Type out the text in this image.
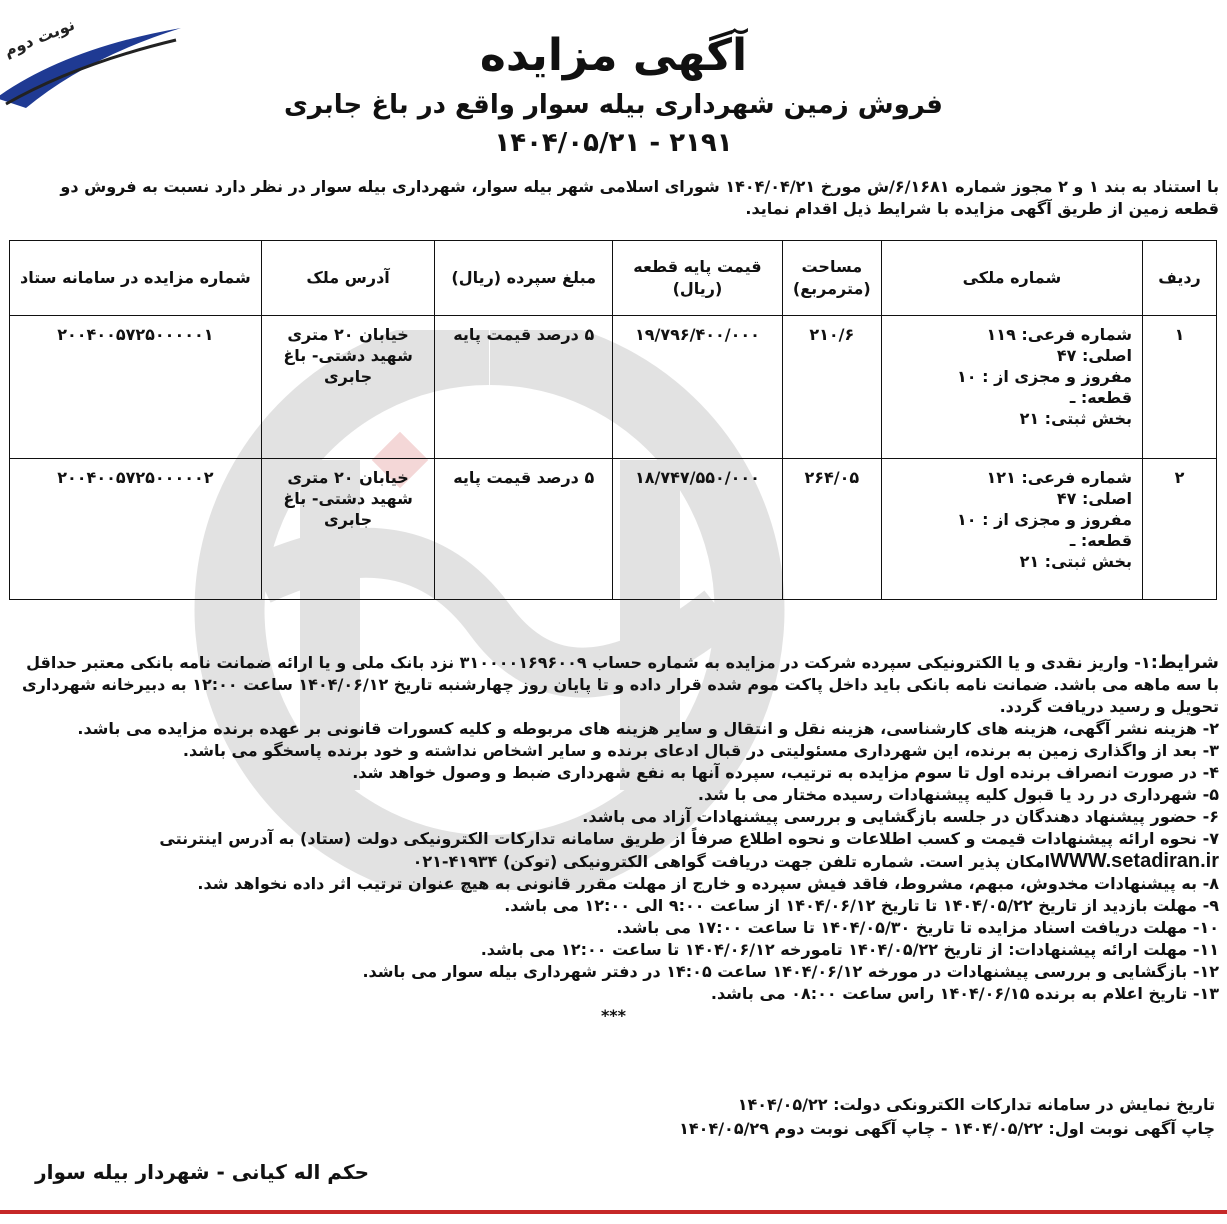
نوبت دوم	آگهی مزایده
فروش زمین شهرداری بیله سوار واقع در باغ جابری
۲۱۹۱ - ۱۴۰۴/۰۵/۲۱
با استناد به بند ۱ و ۲ مجوز شماره ۶/۱۶۸۱/ش مورخ ۱۴۰۴/۰۴/۲۱ شورای اسلامی شهر بیله سوار، شهرداری بیله سوار در نظر دارد نسبت به فروش دو
قطعه زمین از طریق آگهی مزایده با شرایط ذیل اقدام نماید.
ردیف	شماره ملکی	مساحت (مترمربع)	قیمت پایه قطعه (ریال)	مبلغ سپرده (ریال)	آدرس ملک	شماره مزایده در سامانه ستاد
۱	شماره فرعی: ۱۱۹
اصلی: ۴۷
مفروز و مجزی از : ۱۰
قطعه: ـ
بخش ثبتی: ۲۱	۲۱۰/۶	۱۹/۷۹۶/۴۰۰/۰۰۰	۵ درصد قیمت پایه	خیابان ۲۰ متری شهید دشتی- باغ جابری	۲۰۰۴۰۰۵۷۲۵۰۰۰۰۰۱
۲	شماره فرعی: ۱۲۱
اصلی: ۴۷
مفروز و مجزی از : ۱۰
قطعه: ـ
بخش ثبتی: ۲۱	۲۶۴/۰۵	۱۸/۷۴۷/۵۵۰/۰۰۰	۵ درصد قیمت پایه	خیابان ۲۰ متری شهید دشتی- باغ جابری	۲۰۰۴۰۰۵۷۲۵۰۰۰۰۰۲

شرایط:۱- واریز نقدی و یا الکترونیکی سپرده شرکت در مزایده به شماره حساب ۳۱۰۰۰۰۱۶۹۶۰۰۹ نزد بانک ملی و یا ارائه ضمانت نامه بانکی معتبر حداقل

با سه ماهه می باشد. ضمانت نامه بانکی باید داخل پاکت موم شده قرار داده و تا پایان روز چهارشنبه تاریخ ۱۴۰۴/۰۶/۱۲ ساعت ۱۲:۰۰ به دبیرخانه شهرداری

تحویل و رسید دریافت گردد.

۲- هزینه نشر آگهی، هزینه های کارشناسی، هزینه نقل و انتقال و سایر هزینه های مربوطه و کلیه کسورات قانونی بر عهده برنده مزایده می باشد.

۳- بعد از واگذاری زمین به برنده، این شهرداری مسئولیتی در قبال ادعای برنده و سایر اشخاص نداشته و خود برنده پاسخگو می باشد.

۴- در صورت انصراف برنده اول تا سوم مزایده به ترتیب، سپرده آنها به نفع شهرداری ضبط و وصول خواهد شد.

۵- شهرداری در رد یا قبول کلیه پیشنهادات رسیده مختار می با شد.

۶- حضور پیشنهاد دهندگان در جلسه بازگشایی و بررسی پیشنهادات آزاد می باشد.

۷- نحوه ارائه پیشنهادات قیمت و کسب اطلاعات و نحوه اطلاع صرفاً از طریق سامانه تدارکات الکترونیکی دولت (ستاد) به آدرس اینترنتی

WWW.setadiran.irامکان پذیر است. شماره تلفن جهت دریافت گواهی الکترونیکی (توکن) ۴۱۹۳۴-۰۲۱

۸- به پیشنهادات مخدوش، مبهم، مشروط، فاقد فیش سپرده و خارج از مهلت مقرر قانونی به هیچ عنوان ترتیب اثر داده نخواهد شد.

۹- مهلت بازدید از تاریخ ۱۴۰۴/۰۵/۲۲ تا تاریخ ۱۴۰۴/۰۶/۱۲ از ساعت ۹:۰۰ الی ۱۲:۰۰ می باشد.

۱۰- مهلت دریافت اسناد مزایده تا تاریخ ۱۴۰۴/۰۵/۳۰ تا ساعت ۱۷:۰۰ می باشد.

۱۱- مهلت ارائه پیشنهادات: از تاریخ ۱۴۰۴/۰۵/۲۲ تامورخه ۱۴۰۴/۰۶/۱۲ تا ساعت ۱۲:۰۰ می باشد.

۱۲- بازگشایی و بررسی پیشنهادات در مورخه ۱۴۰۴/۰۶/۱۲ ساعت ۱۴:۰۵ در دفتر شهرداری بیله سوار می باشد.

۱۳- تاریخ اعلام به برنده ۱۴۰۴/۰۶/۱۵ راس ساعت ۰۸:۰۰ می باشد.

***

تاریخ نمایش در سامانه تدارکات الکترونکی دولت: ۱۴۰۴/۰۵/۲۲
چاپ آگهی نوبت اول: ۱۴۰۴/۰۵/۲۲ - چاپ آگهی نوبت دوم ۱۴۰۴/۰۵/۲۹
حکم اله کیانی - شهردار بیله سوار
